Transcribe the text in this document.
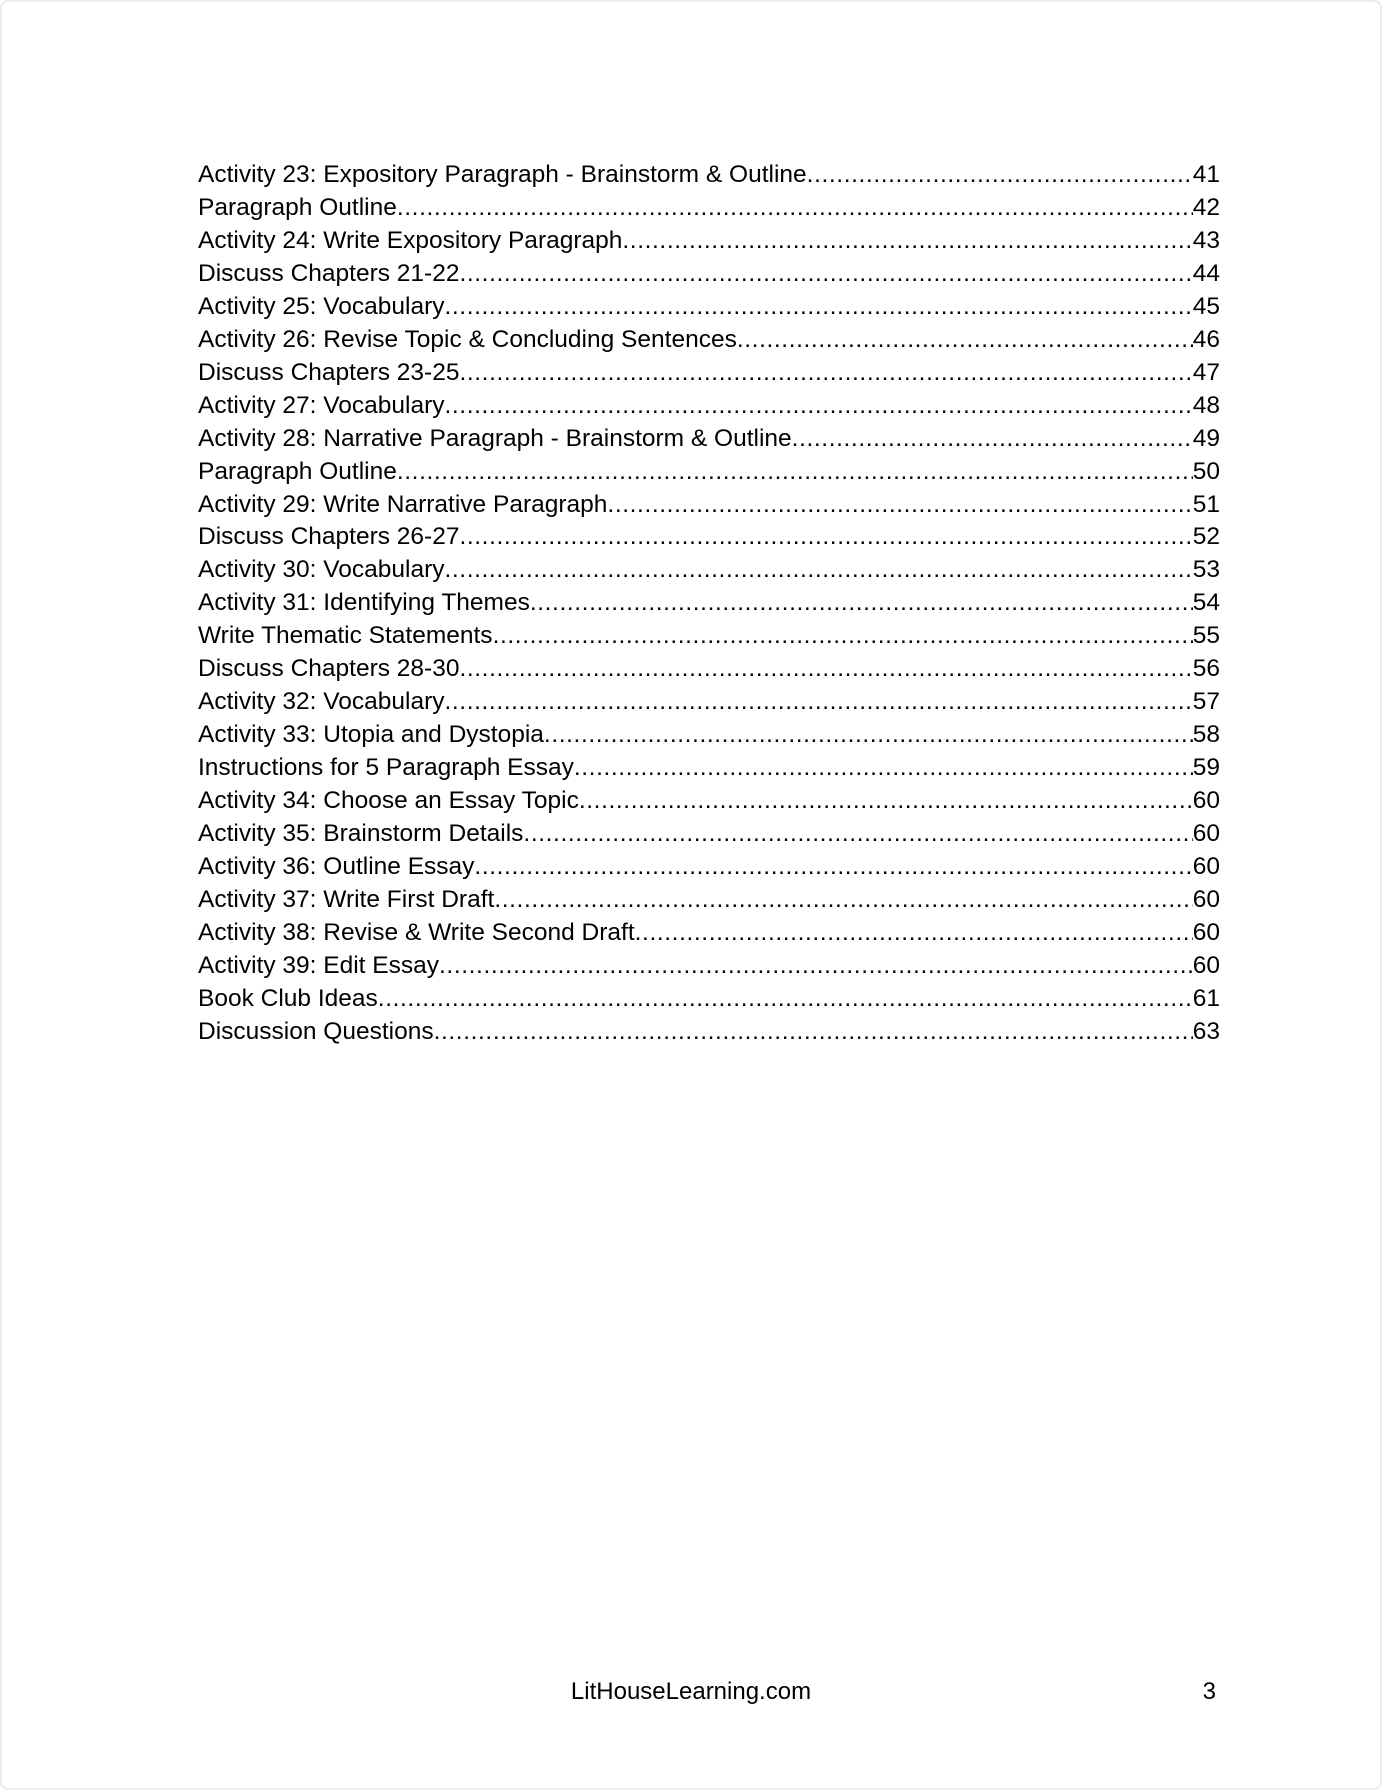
Activity 23: Expository Paragraph - Brainstorm & Outline .....	41
Paragraph Outline .....	42
Activity 24: Write Expository Paragraph .....	43
Discuss Chapters 21-22 .....	44
Activity 25: Vocabulary .....	45
Activity 26: Revise Topic & Concluding Sentences .....	46
Discuss Chapters 23-25 .....	47
Activity 27: Vocabulary .....	48
Activity 28: Narrative Paragraph - Brainstorm & Outline .....	49
Paragraph Outline .....	50
Activity 29: Write Narrative Paragraph .....	51
Discuss Chapters 26-27 .....	52
Activity 30: Vocabulary .....	53
Activity 31: Identifying Themes .....	54
Write Thematic Statements .....	55
Discuss Chapters 28-30 .....	56
Activity 32: Vocabulary .....	57
Activity 33: Utopia and Dystopia .....	58
Instructions for 5 Paragraph Essay .....	59
Activity 34: Choose an Essay Topic .....	60
Activity 35: Brainstorm Details .....	60
Activity 36: Outline Essay .....	60
Activity 37: Write First Draft .....	60
Activity 38: Revise & Write Second Draft .....	60
Activity 39: Edit Essay .....	60
Book Club Ideas .....	61
Discussion Questions .....	63
LitHouseLearning.com	3
